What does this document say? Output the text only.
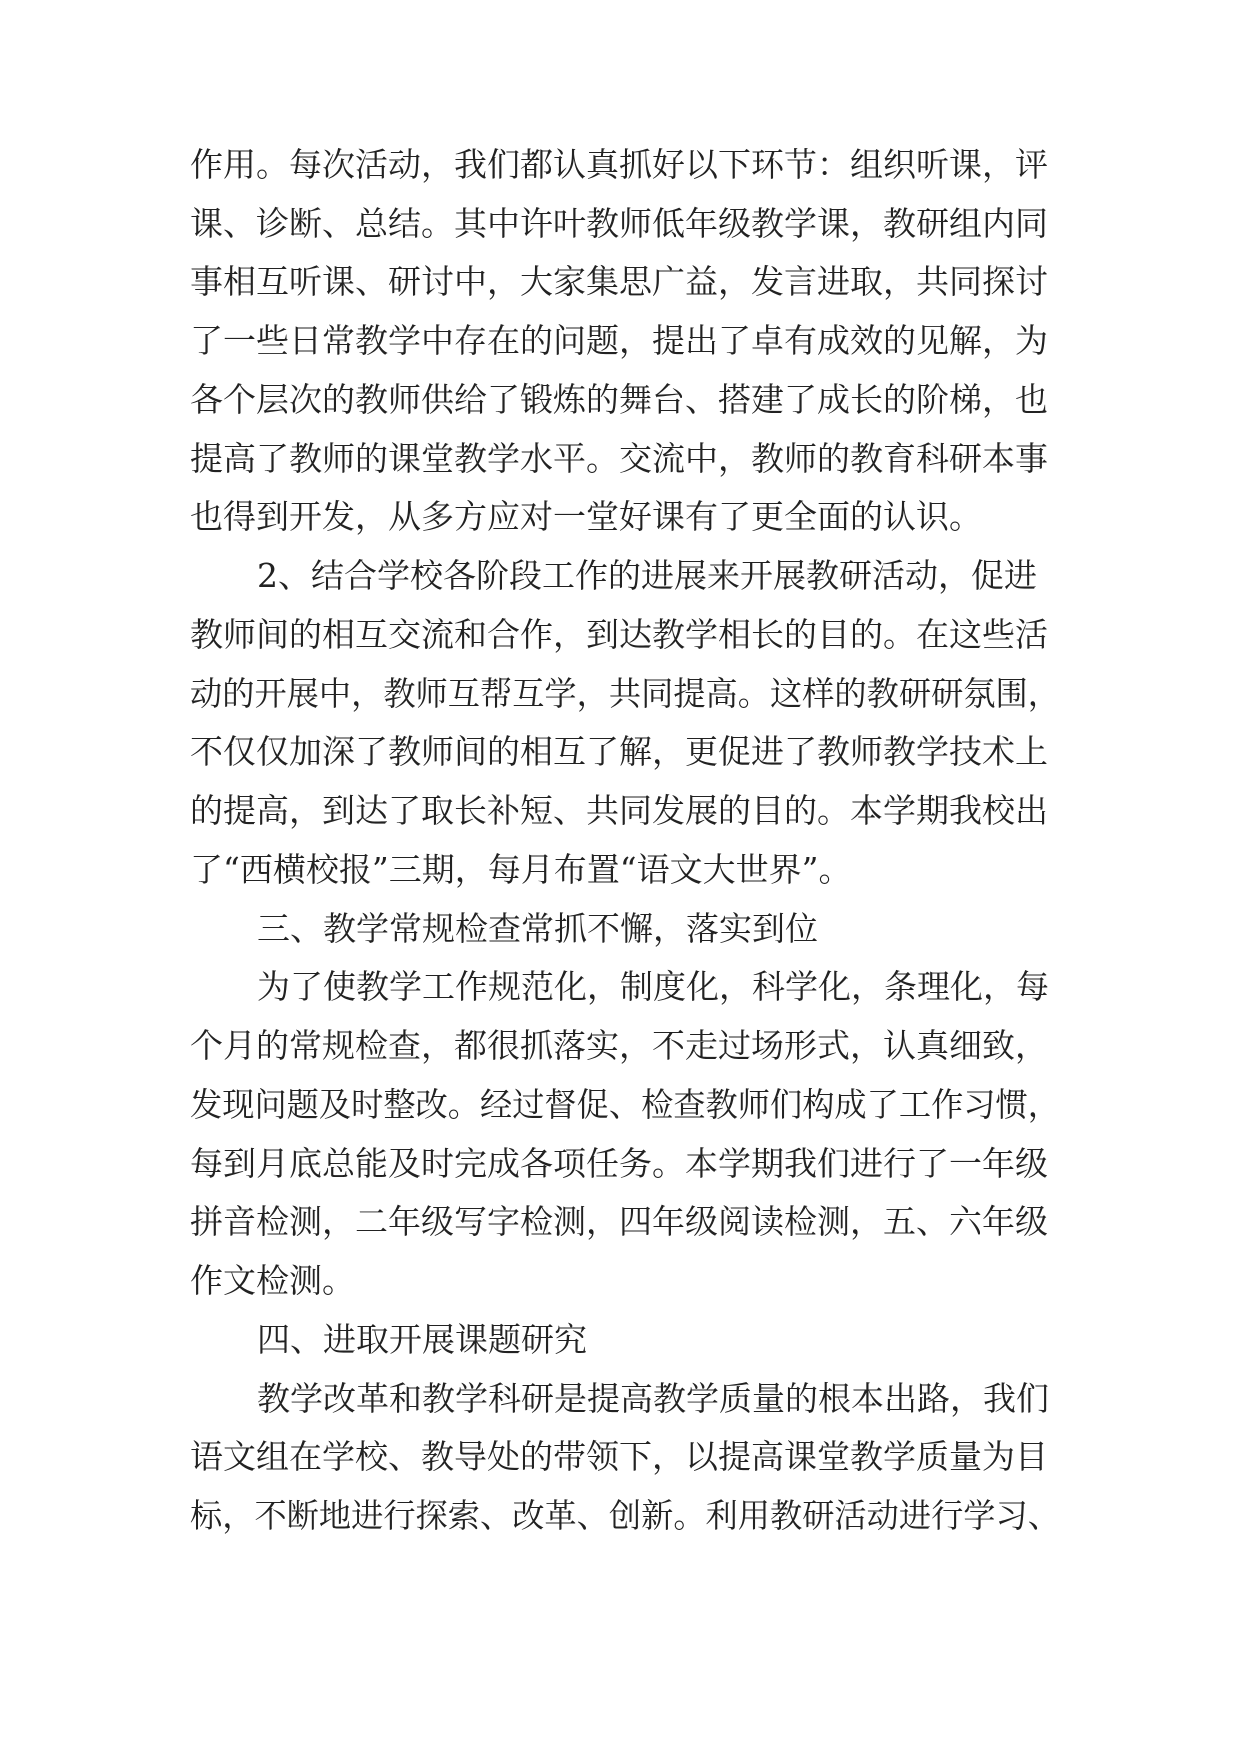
作用。每次活动，我们都认真抓好以下环节：组织听课，评
课、诊断、总结。其中许叶教师低年级教学课，教研组内同
事相互听课、研讨中，大家集思广益，发言进取，共同探讨
了一些日常教学中存在的问题，提出了卓有成效的见解，为
各个层次的教师供给了锻炼的舞台、搭建了成长的阶梯，也
提高了教师的课堂教学水平。交流中，教师的教育科研本事
也得到开发，从多方应对一堂好课有了更全面的认识。
2、结合学校各阶段工作的进展来开展教研活动，促进
教师间的相互交流和合作，到达教学相长的目的。在这些活
动的开展中，教师互帮互学，共同提高。这样的教研研氛围，
不仅仅加深了教师间的相互了解，更促进了教师教学技术上
的提高，到达了取长补短、共同发展的目的。本学期我校出
了“西横校报”三期，每月布置“语文大世界”。
三、教学常规检查常抓不懈，落实到位
为了使教学工作规范化，制度化，科学化，条理化，每
个月的常规检查，都很抓落实，不走过场形式，认真细致，
发现问题及时整改。经过督促、检查教师们构成了工作习惯，
每到月底总能及时完成各项任务。本学期我们进行了一年级
拼音检测，二年级写字检测，四年级阅读检测，五、六年级
作文检测。
四、进取开展课题研究
教学改革和教学科研是提高教学质量的根本出路，我们
语文组在学校、教导处的带领下，以提高课堂教学质量为目
标，不断地进行探索、改革、创新。利用教研活动进行学习、
